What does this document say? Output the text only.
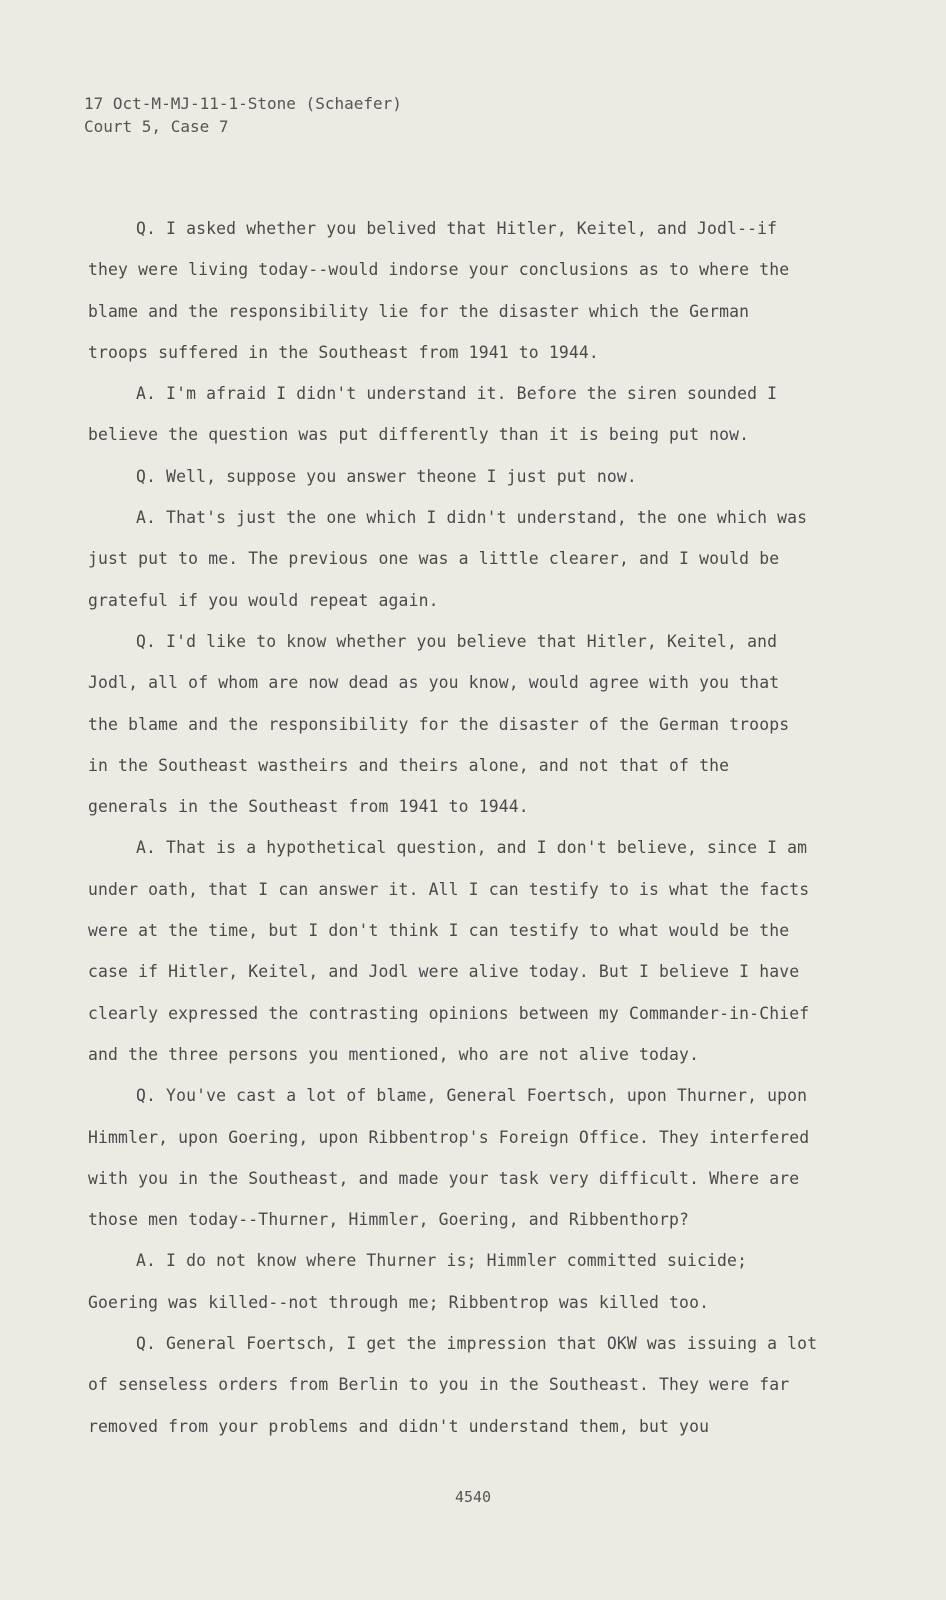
17 Oct-M-MJ-11-1-Stone (Schaefer)
Court 5, Case 7

Q. I asked whether you belived that Hitler, Keitel, and Jodl--if they were living today--would indorse your conclusions as to where the blame and the responsibility lie for the disaster which the German troops suffered in the Southeast from 1941 to 1944.

A. I'm afraid I didn't understand it. Before the siren sounded I believe the question was put differently than it is being put now.

Q. Well, suppose you answer theone I just put now.

A. That's just the one which I didn't understand, the one which was just put to me. The previous one was a little clearer, and I would be grateful if you would repeat again.

Q. I'd like to know whether you believe that Hitler, Keitel, and Jodl, all of whom are now dead as you know, would agree with you that the blame and the responsibility for the disaster of the German troops in the Southeast wastheirs and theirs alone, and not that of the generals in the Southeast from 1941 to 1944.

A. That is a hypothetical question, and I don't believe, since I am under oath, that I can answer it. All I can testify to is what the facts were at the time, but I don't think I can testify to what would be the case if Hitler, Keitel, and Jodl were alive today. But I believe I have clearly expressed the contrasting opinions between my Commander-in-Chief and the three persons you mentioned, who are not alive today.

Q. You've cast a lot of blame, General Foertsch, upon Thurner, upon Himmler, upon Goering, upon Ribbentrop's Foreign Office. They interfered with you in the Southeast, and made your task very difficult. Where are those men today--Thurner, Himmler, Goering, and Ribbenthorp?

A. I do not know where Thurner is; Himmler committed suicide; Goering was killed--not through me; Ribbentrop was killed too.

Q. General Foertsch, I get the impression that OKW was issuing a lot of senseless orders from Berlin to you in the Southeast. They were far removed from your problems and didn't understand them, but you

4540
